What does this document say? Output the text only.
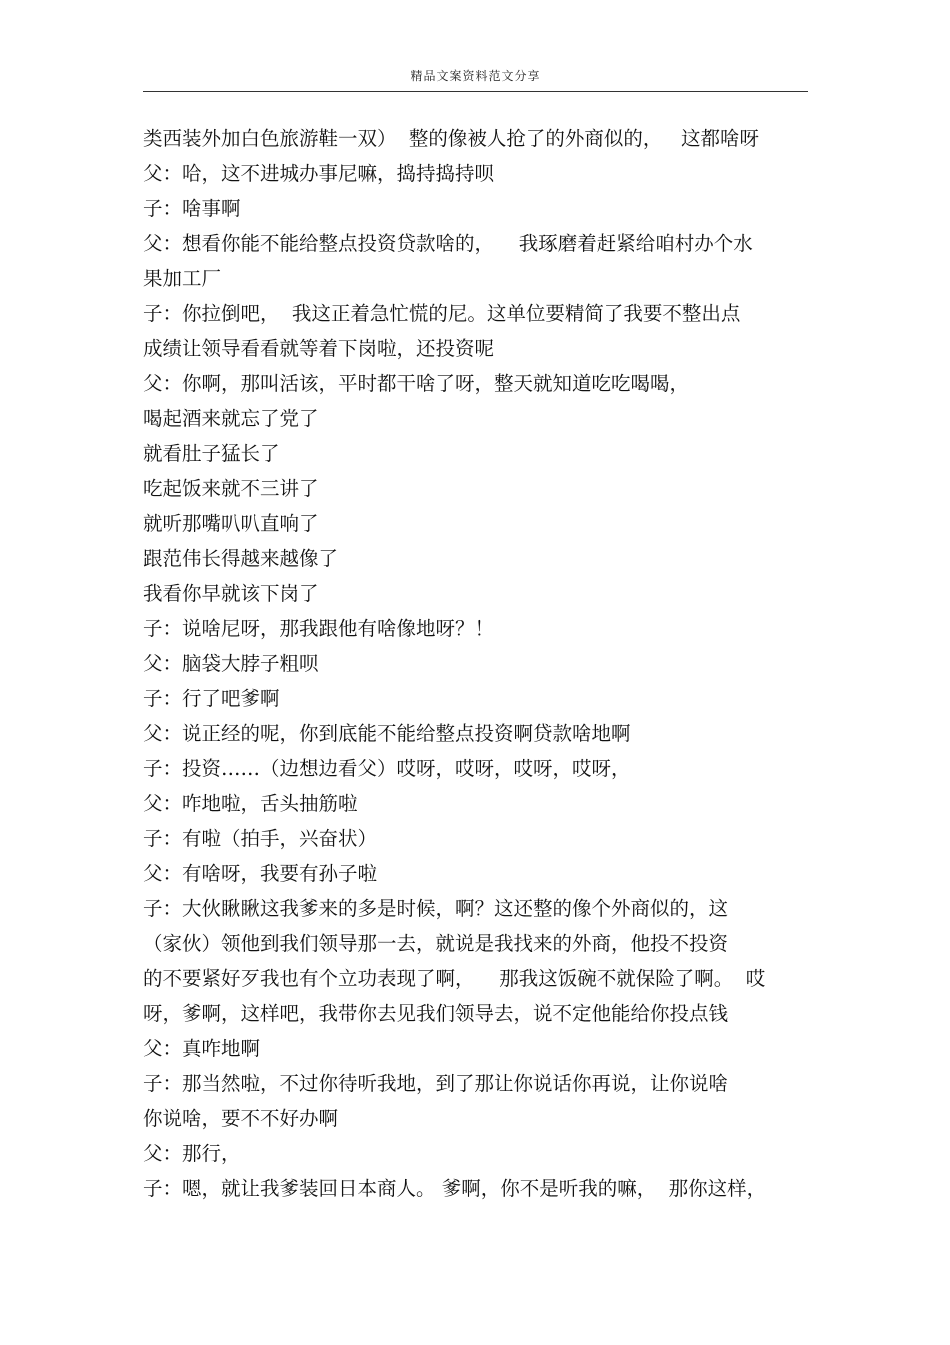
精品文案资料范文分享
类西装外加白色旅游鞋一双）  整的像被人抢了的外商似的，   这都啥呀
父：哈，这不进城办事尼嘛，捣持捣持呗
子：啥事啊
父：想看你能不能给整点投资贷款啥的，    我琢磨着赶紧给咱村办个水
果加工厂
子：你拉倒吧，  我这正着急忙慌的尼。这单位要精简了我要不整出点
成绩让领导看看就等着下岗啦，还投资呢
父：你啊，那叫活该，平时都干啥了呀，整天就知道吃吃喝喝，
喝起酒来就忘了党了
就看肚子猛长了
吃起饭来就不三讲了
就听那嘴叭叭直响了
跟范伟长得越来越像了
我看你早就该下岗了
子：说啥尼呀，那我跟他有啥像地呀？！
父：脑袋大脖子粗呗
子：行了吧爹啊
父：说正经的呢，你到底能不能给整点投资啊贷款啥地啊
子：投资……（边想边看父）哎呀，哎呀，哎呀，哎呀，
父：咋地啦，舌头抽筋啦
子：有啦（拍手，兴奋状）
父：有啥呀，我要有孙子啦
子：大伙瞅瞅这我爹来的多是时候，啊？这还整的像个外商似的，这
（家伙）领他到我们领导那一去，就说是我找来的外商，他投不投资
的不要紧好歹我也有个立功表现了啊，    那我这饭碗不就保险了啊。  哎
呀，爹啊，这样吧，我带你去见我们领导去，说不定他能给你投点钱
父：真咋地啊
子：那当然啦，不过你待听我地，到了那让你说话你再说，让你说啥
你说啥，要不不好办啊
父：那行，
子：嗯，就让我爹装回日本商人。 爹啊，你不是听我的嘛，  那你这样，
